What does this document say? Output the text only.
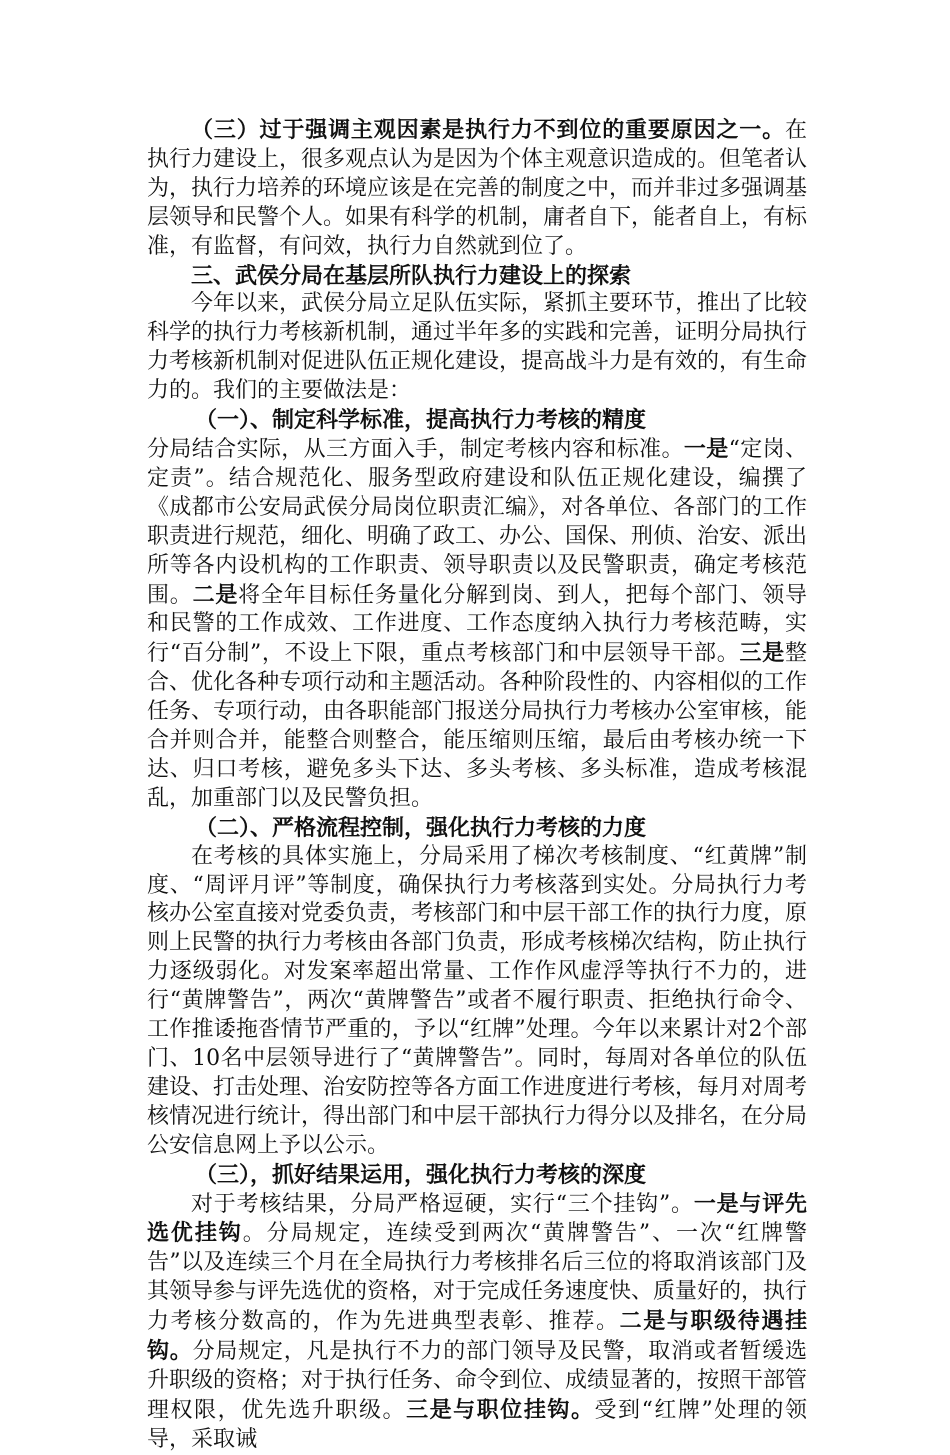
（三）过于强调主观因素是执行力不到位的重要原因之一。在执行力建设上，很多观点认为是因为个体主观意识造成的。但笔者认为，执行力培养的环境应该是在完善的制度之中，而并非过多强调基层领导和民警个人。如果有科学的机制，庸者自下，能者自上，有标准，有监督，有问效，执行力自然就到位了。

三、武侯分局在基层所队执行力建设上的探索

今年以来，武侯分局立足队伍实际，紧抓主要环节，推出了比较科学的执行力考核新机制，通过半年多的实践和完善，证明分局执行力考核新机制对促进队伍正规化建设，提高战斗力是有效的，有生命力的。我们的主要做法是：

（一）、制定科学标准，提高执行力考核的精度

分局结合实际，从三方面入手，制定考核内容和标准。一是“定岗、定责”。结合规范化、服务型政府建设和队伍正规化建设，编撰了《成都市公安局武侯分局岗位职责汇编》，对各单位、各部门的工作职责进行规范，细化、明确了政工、办公、国保、刑侦、治安、派出所等各内设机构的工作职责、领导职责以及民警职责，确定考核范围。二是将全年目标任务量化分解到岗、到人，把每个部门、领导和民警的工作成效、工作进度、工作态度纳入执行力考核范畴，实行“百分制”，不设上下限，重点考核部门和中层领导干部。三是整合、优化各种专项行动和主题活动。各种阶段性的、内容相似的工作任务、专项行动，由各职能部门报送分局执行力考核办公室审核，能合并则合并，能整合则整合，能压缩则压缩，最后由考核办统一下达、归口考核，避免多头下达、多头考核、多头标准，造成考核混乱，加重部门以及民警负担。

（二）、严格流程控制，强化执行力考核的力度

在考核的具体实施上，分局采用了梯次考核制度、“红黄牌”制度、“周评月评”等制度，确保执行力考核落到实处。分局执行力考核办公室直接对党委负责，考核部门和中层干部工作的执行力度，原则上民警的执行力考核由各部门负责，形成考核梯次结构，防止执行力逐级弱化。对发案率超出常量、工作作风虚浮等执行不力的，进行“黄牌警告”，两次“黄牌警告”或者不履行职责、拒绝执行命令、工作推诿拖沓情节严重的，予以“红牌”处理。今年以来累计对2个部门、10名中层领导进行了“黄牌警告”。同时，每周对各单位的队伍建设、打击处理、治安防控等各方面工作进度进行考核，每月对周考核情况进行统计，得出部门和中层干部执行力得分以及排名，在分局公安信息网上予以公示。

（三），抓好结果运用，强化执行力考核的深度

对于考核结果，分局严格逗硬，实行“三个挂钩”。一是与评先选优挂钩。分局规定，连续受到两次“黄牌警告”、一次“红牌警告”以及连续三个月在全局执行力考核排名后三位的将取消该部门及其领导参与评先选优的资格，对于完成任务速度快、质量好的，执行力考核分数高的，作为先进典型表彰、推荐。二是与职级待遇挂钩。分局规定，凡是执行不力的部门领导及民警，取消或者暂缓选升职级的资格；对于执行任务、命令到位、成绩显著的，按照干部管理权限，优先选升职级。三是与职位挂钩。受到“红牌”处理的领导，采取诫
